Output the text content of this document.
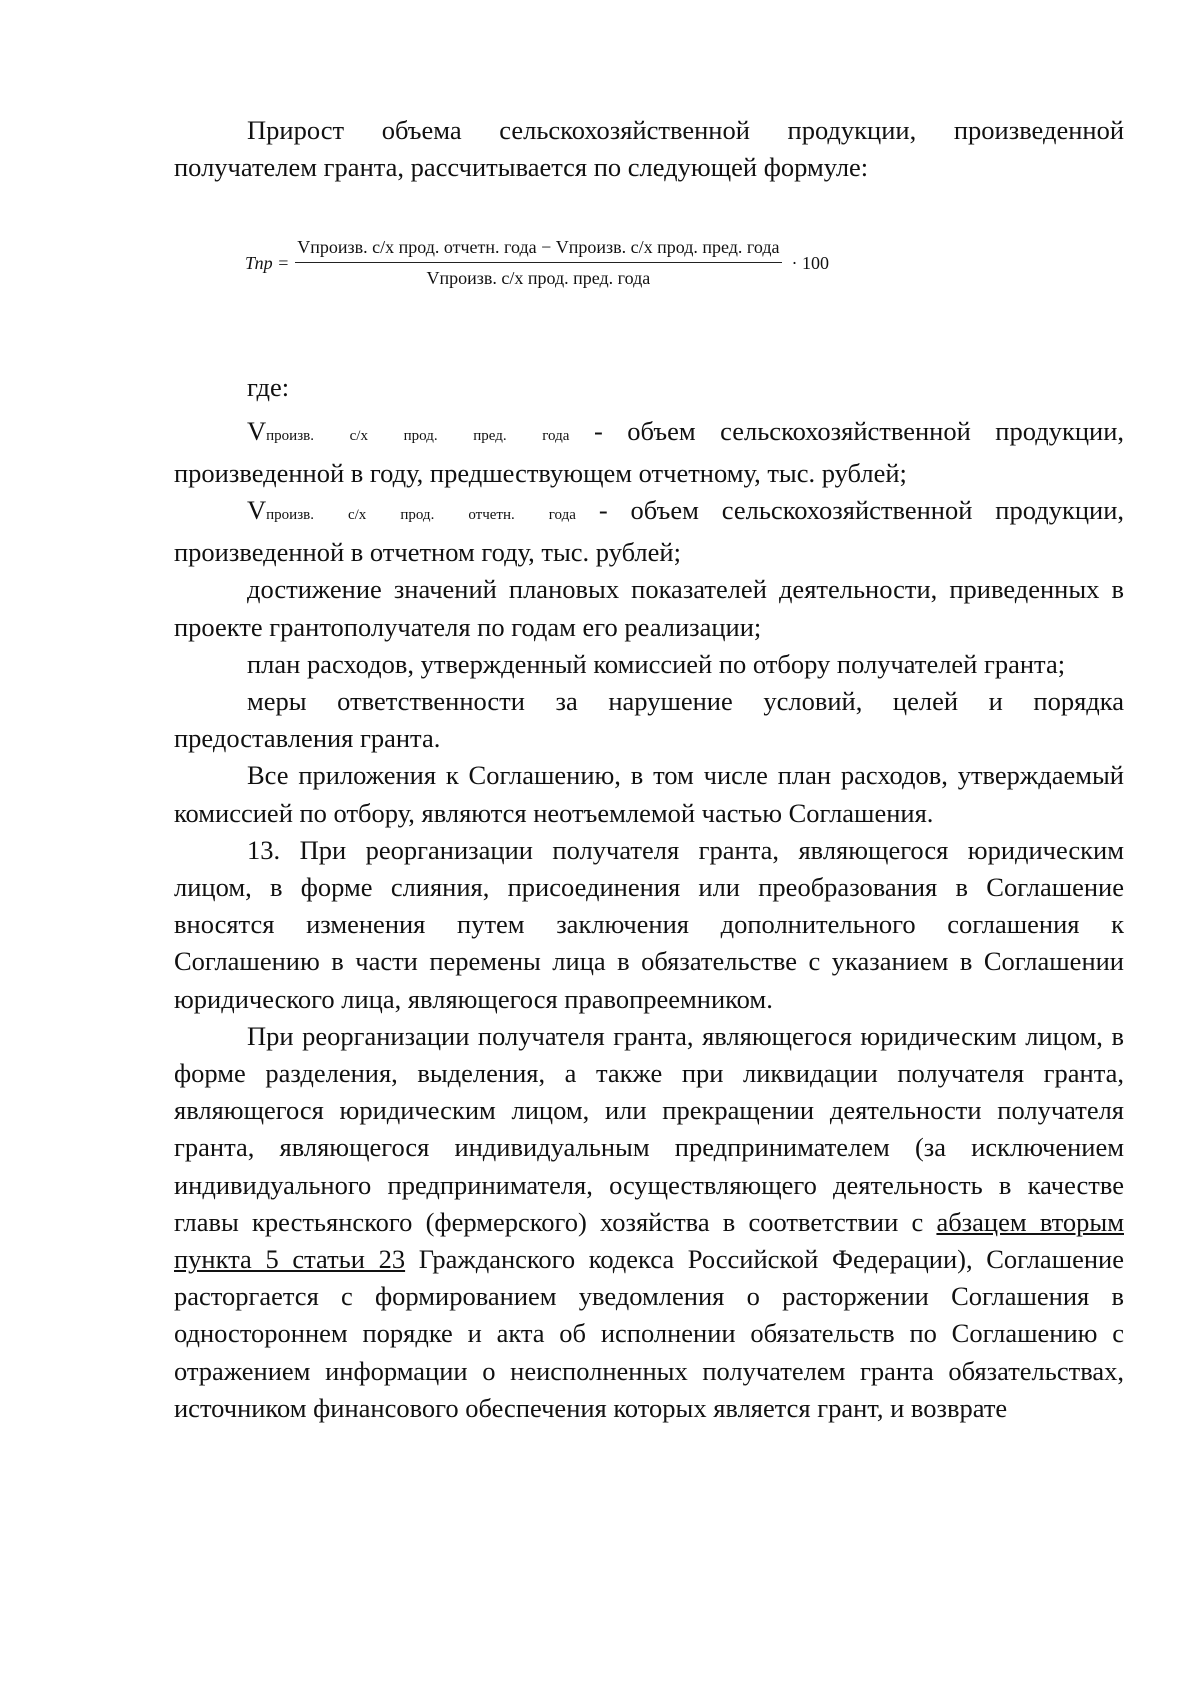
Прирост объема сельскохозяйственной продукции, произведенной получателем гранта, рассчитывается по следующей формуле:

Тпр =
Vпроизв. с/х прод. отчетн. года − Vпроизв. с/х прод. пред. года
Vпроизв. с/х прод. пред. года
· 100

где:

Vпроизв. с/х прод. пред. года - объем сельскохозяйственной продукции, произведенной в году, предшествующем отчетному, тыс. рублей;

Vпроизв. с/х прод. отчетн. года - объем сельскохозяйственной продукции, произведенной в отчетном году, тыс. рублей;

достижение значений плановых показателей деятельности, приведенных в проекте грантополучателя по годам его реализации;

план расходов, утвержденный комиссией по отбору получателей гранта;

меры ответственности за нарушение условий, целей и порядка предоставления гранта.

Все приложения к Соглашению, в том числе план расходов, утверждаемый комиссией по отбору, являются неотъемлемой частью Соглашения.

13. При реорганизации получателя гранта, являющегося юридическим лицом, в форме слияния, присоединения или преобразования в Соглашение вносятся изменения путем заключения дополнительного соглашения к Соглашению в части перемены лица в обязательстве с указанием в Соглашении юридического лица, являющегося правопреемником.

При реорганизации получателя гранта, являющегося юридическим лицом, в форме разделения, выделения, а также при ликвидации получателя гранта, являющегося юридическим лицом, или прекращении деятельности получателя гранта, являющегося индивидуальным предпринимателем (за исключением индивидуального предпринимателя, осуществляющего деятельность в качестве главы крестьянского (фермерского) хозяйства в соответствии с абзацем вторым пункта 5 статьи 23 Гражданского кодекса Российской Федерации), Соглашение расторгается с формированием уведомления о расторжении Соглашения в одностороннем порядке и акта об исполнении обязательств по Соглашению с отражением информации о неисполненных получателем гранта обязательствах, источником финансового обеспечения которых является грант, и возврате
